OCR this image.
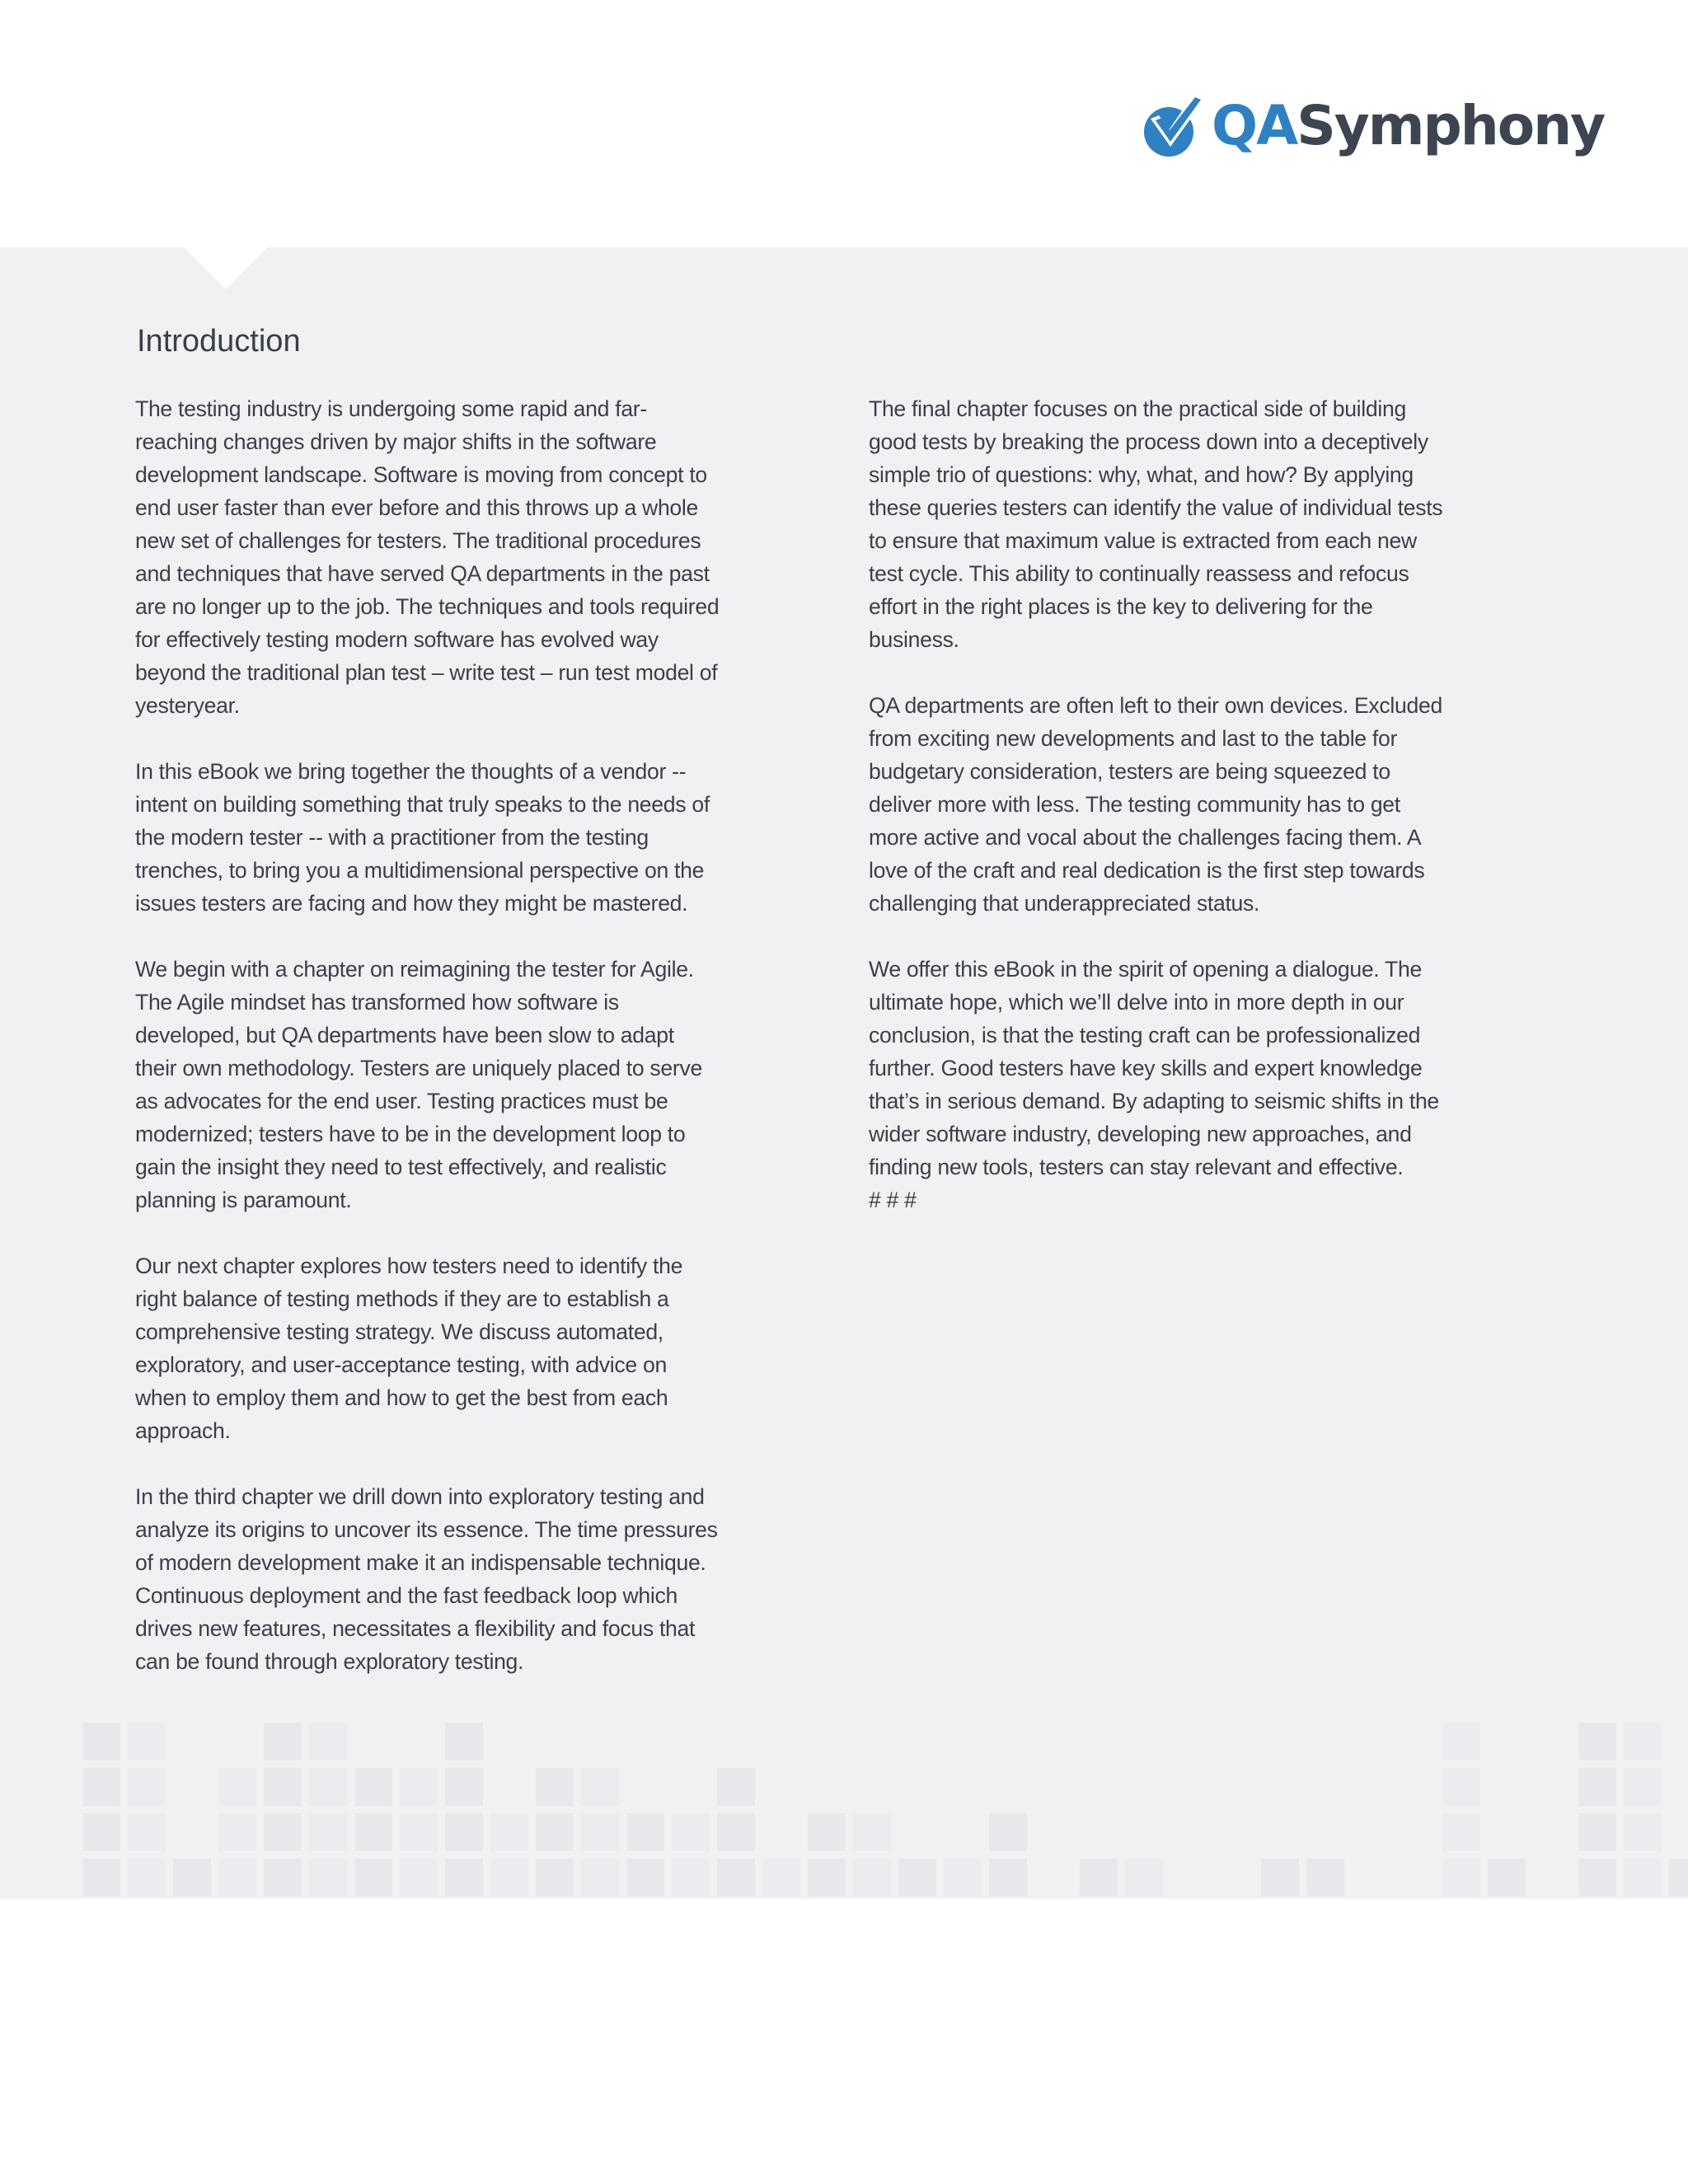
QASymphony
Introduction

The testing industry is undergoing some rapid and far-reaching changes driven by major shifts in the software development landscape. Software is moving from concept to end user faster than ever before and this throws up a whole new set of challenges for testers. The traditional procedures and techniques that have served QA departments in the past are no longer up to the job. The techniques and tools required for effectively testing modern software has evolved way beyond the traditional plan test – write test – run test model of yesteryear.

In this eBook we bring together the thoughts of a vendor -- intent on building something that truly speaks to the needs of the modern tester -- with a practitioner from the testing trenches, to bring you a multidimensional perspective on the issues testers are facing and how they might be mastered.

We begin with a chapter on reimagining the tester for Agile. The Agile mindset has transformed how software is developed, but QA departments have been slow to adapt their own methodology. Testers are uniquely placed to serve as advocates for the end user. Testing practices must be modernized; testers have to be in the development loop to gain the insight they need to test effectively, and realistic planning is paramount.

Our next chapter explores how testers need to identify the right balance of testing methods if they are to establish a comprehensive testing strategy. We discuss automated, exploratory, and user-acceptance testing, with advice on when to employ them and how to get the best from each approach.

In the third chapter we drill down into exploratory testing and analyze its origins to uncover its essence. The time pressures of modern development make it an indispensable technique. Continuous deployment and the fast feedback loop which drives new features, necessitates a flexibility and focus that can be found through exploratory testing.

The final chapter focuses on the practical side of building good tests by breaking the process down into a deceptively simple trio of questions: why, what, and how? By applying these queries testers can identify the value of individual tests to ensure that maximum value is extracted from each new test cycle. This ability to continually reassess and refocus effort in the right places is the key to delivering for the business.

QA departments are often left to their own devices. Excluded from exciting new developments and last to the table for budgetary consideration, testers are being squeezed to deliver more with less. The testing community has to get more active and vocal about the challenges facing them. A love of the craft and real dedication is the first step towards challenging that underappreciated status.

We offer this eBook in the spirit of opening a dialogue. The ultimate hope, which we’ll delve into in more depth in our conclusion, is that the testing craft can be professionalized further. Good testers have key skills and expert knowledge that’s in serious demand. By adapting to seismic shifts in the wider software industry, developing new approaches, and finding new tools, testers can stay relevant and effective.

# # #
